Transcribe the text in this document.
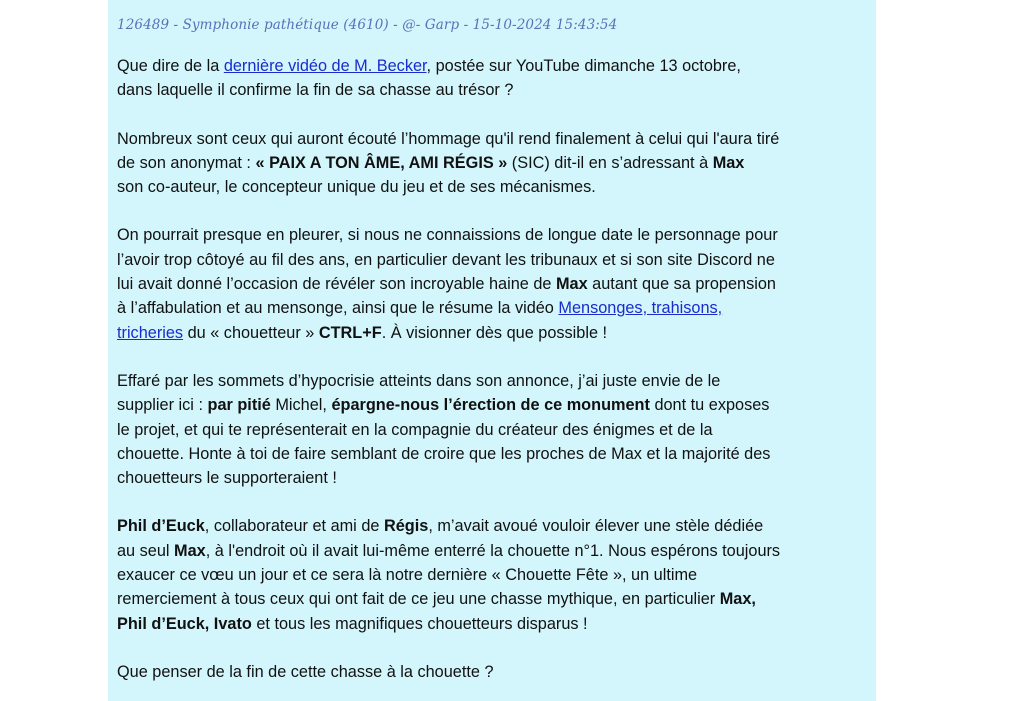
126489 - Symphonie pathétique (4610) - @- Garp - 15-10-2024 15:43:54

Que dire de la dernière vidéo de M. Becker, postée sur YouTube dimanche 13 octobre,
dans laquelle il confirme la fin de sa chasse au trésor ?

Nombreux sont ceux qui auront écouté l’hommage qu'il rend finalement à celui qui l'aura tiré
de son anonymat : « PAIX A TON ÂME, AMI RÉGIS » (SIC) dit-il en s’adressant à Max
son co-auteur, le concepteur unique du jeu et de ses mécanismes.

On pourrait presque en pleurer, si nous ne connaissions de longue date le personnage pour
l’avoir trop côtoyé au fil des ans, en particulier devant les tribunaux et si son site Discord ne
lui avait donné l’occasion de révéler son incroyable haine de Max autant que sa propension
à l’affabulation et au mensonge, ainsi que le résume la vidéo Mensonges, trahisons,
tricheries du « chouetteur » CTRL+F. À visionner dès que possible !

Effaré par les sommets d’hypocrisie atteints dans son annonce, j’ai juste envie de le
supplier ici : par pitié Michel, épargne-nous l’érection de ce monument dont tu exposes
le projet, et qui te représenterait en la compagnie du créateur des énigmes et de la
chouette. Honte à toi de faire semblant de croire que les proches de Max et la majorité des
chouetteurs le supporteraient !

Phil d’Euck, collaborateur et ami de Régis, m’avait avoué vouloir élever une stèle dédiée
au seul Max, à l'endroit où il avait lui-même enterré la chouette n°1. Nous espérons toujours
exaucer ce vœu un jour et ce sera là notre dernière « Chouette Fête », un ultime
remerciement à tous ceux qui ont fait de ce jeu une chasse mythique, en particulier Max,
Phil d’Euck, Ivato et tous les magnifiques chouetteurs disparus !

Que penser de la fin de cette chasse à la chouette ?
